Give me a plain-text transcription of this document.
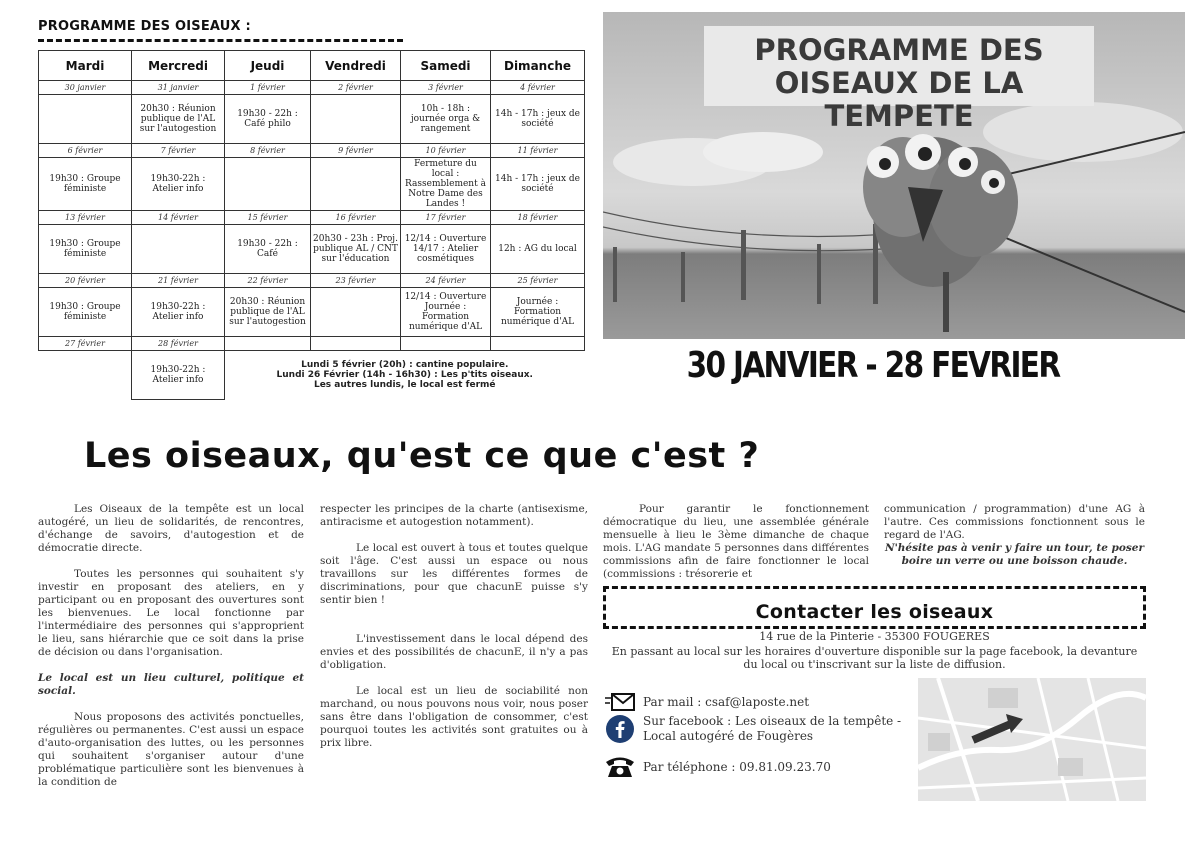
PROGRAMME DES OISEAUX :
Mardi	Mercredi	Jeudi	Vendredi	Samedi	Dimanche
30 janvier	31 janvier	1 février	2 février	3 février	4 février
	20h30 : Réunion publique de l'AL sur l'autogestion	19h30 - 22h : Café philo		10h - 18h : journée orga & rangement	14h - 17h : jeux de société
6 février	7 février	8 février	9 février	10 février	11 février
19h30 : Groupe féministe	19h30-22h : Atelier info			Fermeture du local : Rassemblement à Notre Dame des Landes !	14h - 17h : jeux de société
13 février	14 février	15 février	16 février	17 février	18 février
19h30 : Groupe féministe		19h30 - 22h : Café	20h30 - 23h : Proj. publique AL / CNT sur l'éducation	12/14 : Ouverture 14/17 : Atelier cosmétiques	12h : AG du local
20 février	21 février	22 février	23 février	24 février	25 février
19h30 : Groupe féministe	19h30-22h : Atelier info	20h30 : Réunion publique de l'AL sur l'autogestion		12/14 : Ouverture Journée : Formation numérique d'AL	Journée : Formation numérique d'AL
27 février	28 février				
	19h30-22h : Atelier info	Lundi 5 février (20h) : cantine populaire.
Lundi 26 Février (14h - 16h30) : Les p'tits oiseaux.
Les autres lundis, le local est fermé			
PROGRAMME DES
OISEAUX DE LA TEMPETE
30 JANVIER - 28 FEVRIER
Les oiseaux, qu'est ce que c'est ?

Les Oiseaux de la tempête est un local autogéré, un lieu de solidarités, de rencontres, d'échange de savoirs, d'autogestion et de démocratie directe.

Toutes les personnes qui souhaitent s'y investir en proposant des ateliers, en y participant ou en proposant des ouvertures sont les bienvenues. Le local fonctionne par l'intermédiaire des personnes qui s'approprient le lieu, sans hiérarchie que ce soit dans la prise de décision ou dans l'organisation.

Le local est un lieu culturel, politique et social.

Nous proposons des activités ponctuelles, régulières ou permanentes. C'est aussi un espace d'auto-organisation des luttes, ou les personnes qui souhaitent s'organiser autour d'une problématique particulière sont les bienvenues à la condition de

respecter les principes de la charte (antisexisme, antiracisme et autogestion notamment).

Le local est ouvert à tous et toutes quelque soit l'âge. C'est aussi un espace ou nous travaillons sur les différentes formes de discriminations, pour que chacunE puisse s'y sentir bien !

L'investissement dans le local dépend des envies et des possibilités de chacunE, il n'y a pas d'obligation.

Le local est un lieu de sociabilité non marchand, ou nous pouvons nous voir, nous poser sans être dans l'obligation de consommer, c'est pourquoi toutes les activités sont gratuites ou à prix libre.

Pour garantir le fonctionnement démocratique du lieu, une assemblée générale mensuelle à lieu le 3ème dimanche de chaque mois. L'AG mandate 5 personnes dans différentes commissions afin de faire fonctionner le local (commissions : trésorerie et

communication / programmation) d'une AG à l'autre. Ces commissions fonctionnent sous le regard de l'AG.

N'hésite pas à venir y faire un tour, te poser boire un verre ou une boisson chaude.

Contacter les oiseaux
14 rue de la Pinterie - 35300 FOUGERES
En passant au local sur les horaires d'ouverture disponible sur la page facebook, la devanture du local ou t'inscrivant sur la liste de diffusion.
Par mail : csaf@laposte.net
Sur facebook : Les oiseaux de la tempête - Local autogéré de Fougères
Par téléphone : 09.81.09.23.70
